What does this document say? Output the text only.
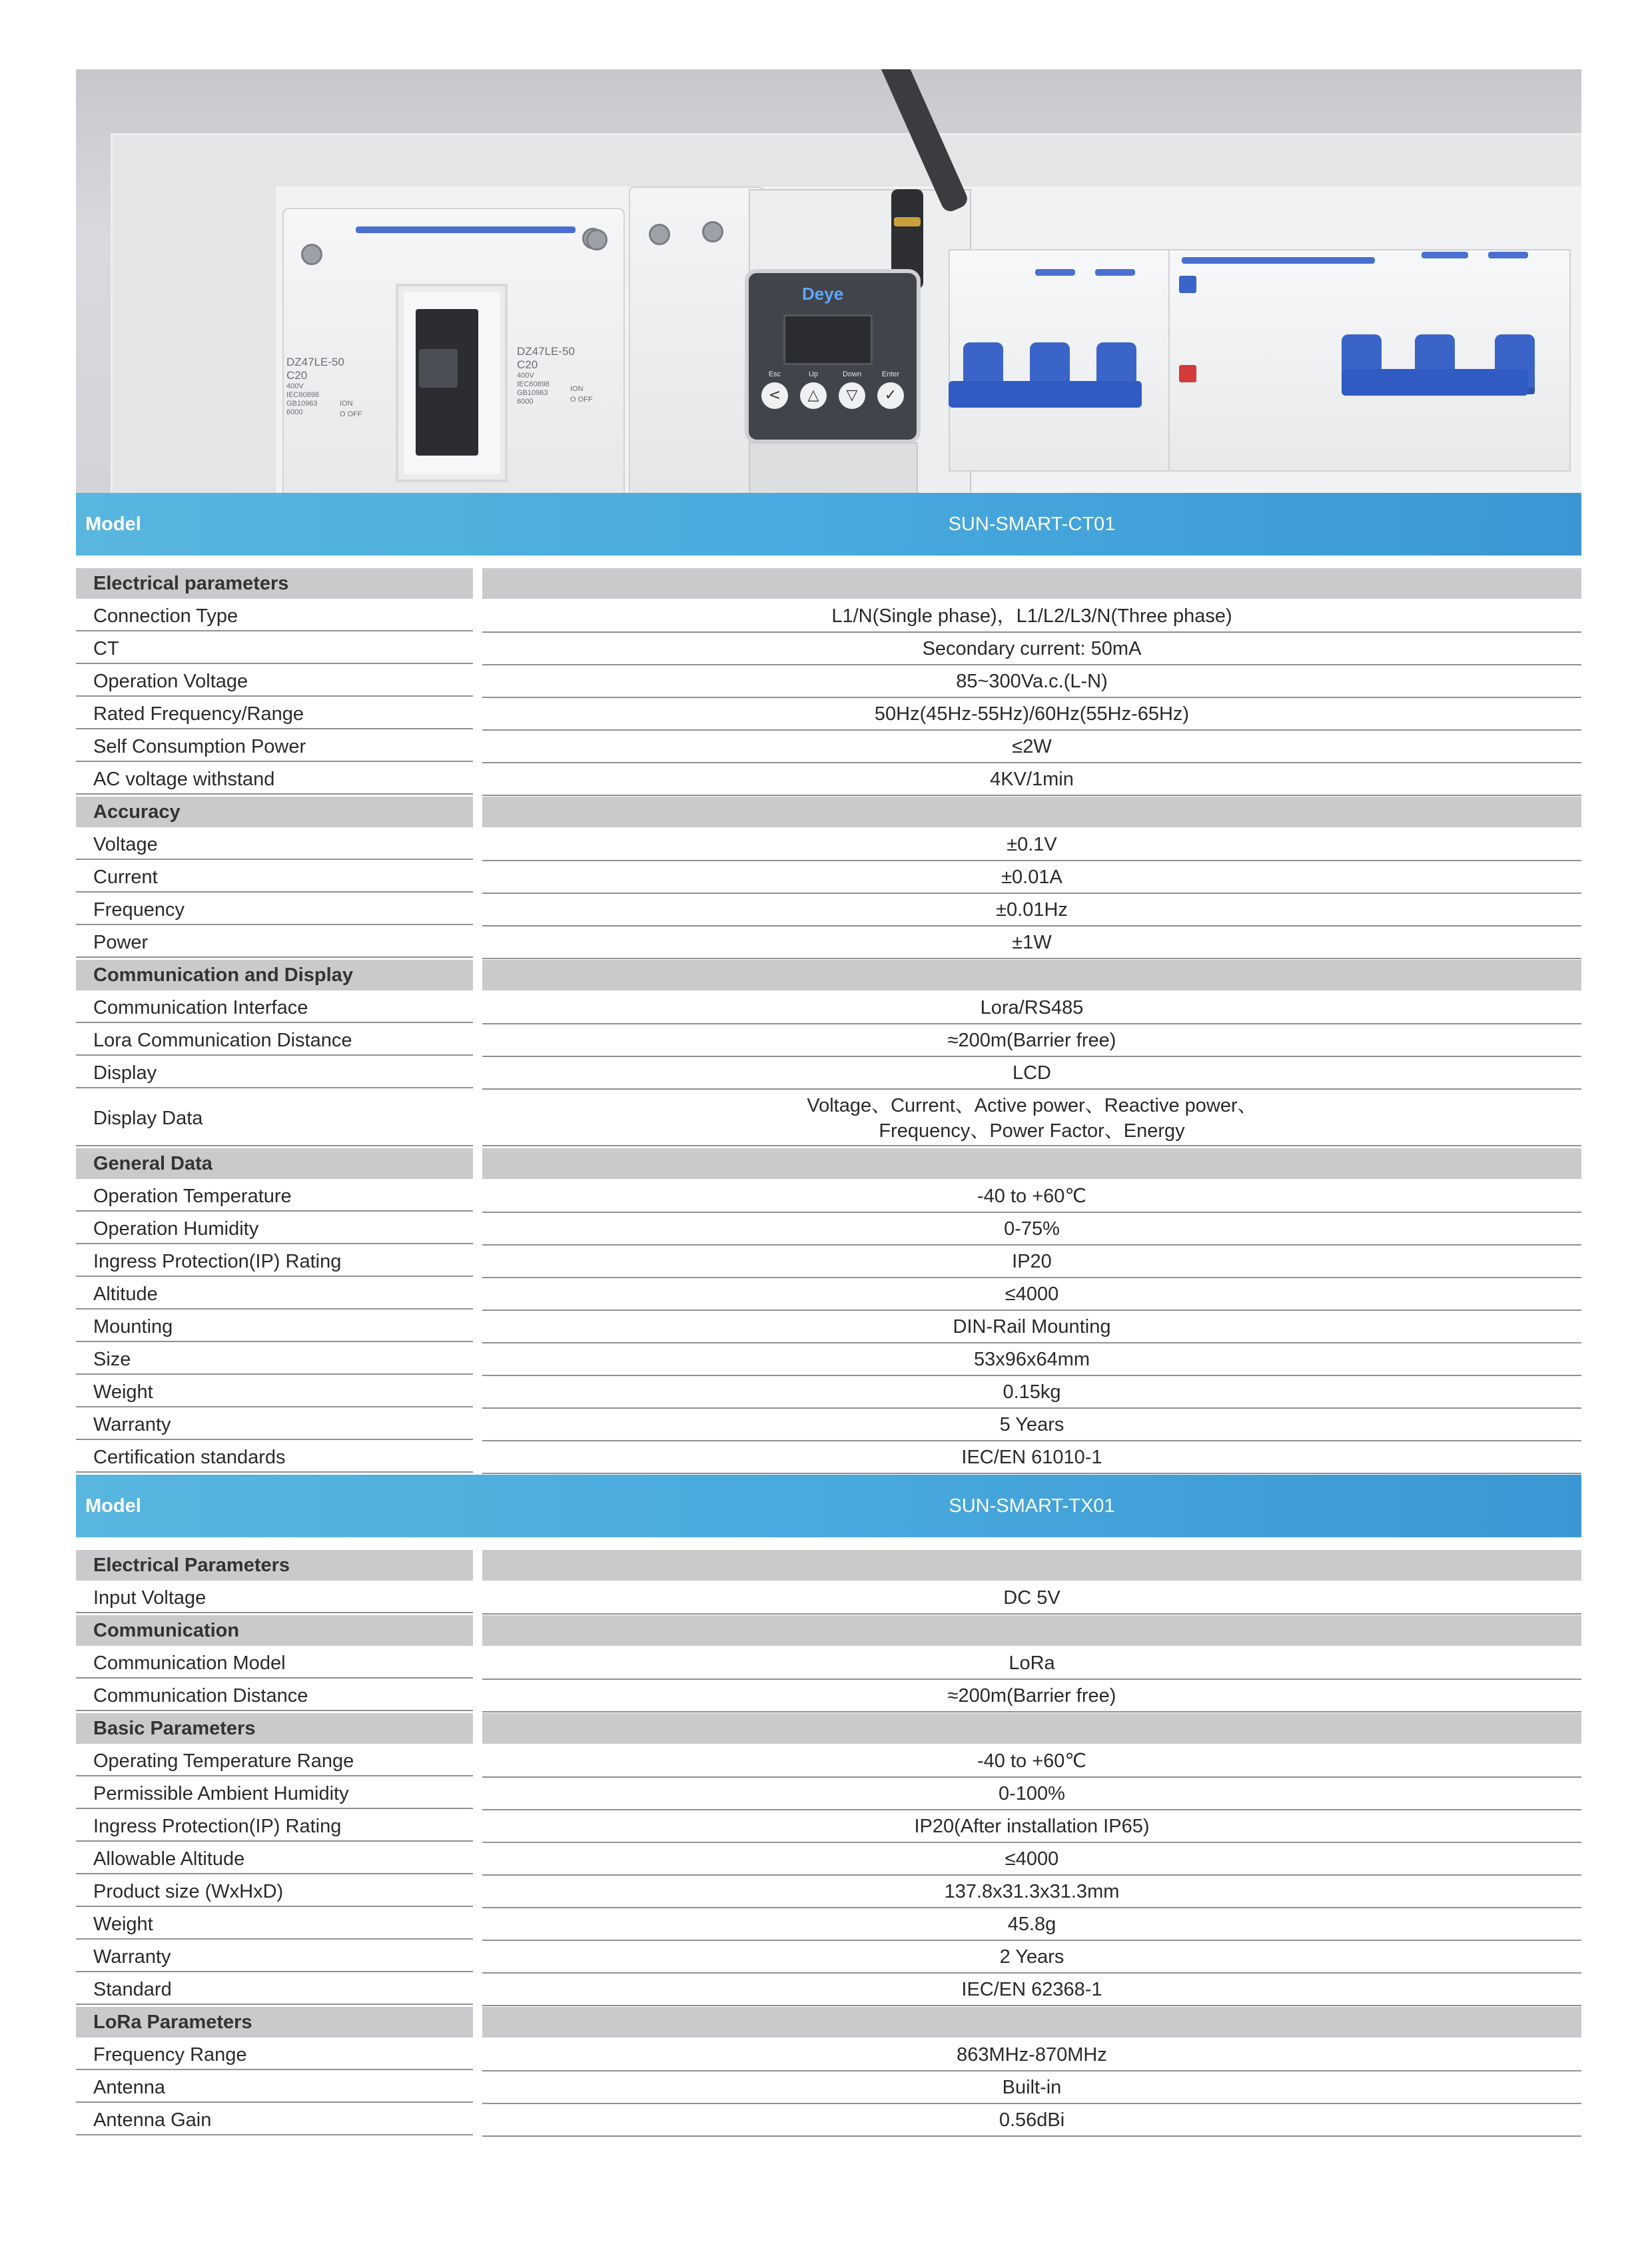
DZ47LE-50
C20
400V
IEC60898
GB10963
6000
ION
O OFF
DZ47LE-50
C20
400V
IEC60898
GB10963
6000
ION
O OFF
Deye
Esc	Up	Down	Enter
<	△	▽	✓
Model	SUN-SMART-CT01
Electrical parameters
Connection Type	L1/N(Single phase)，L1/L2/L3/N(Three phase)
CT	Secondary current: 50mA
Operation Voltage	85~300Va.c.(L-N)
Rated Frequency/Range	50Hz(45Hz-55Hz)/60Hz(55Hz-65Hz)
Self Consumption Power	≤2W
AC voltage withstand	4KV/1min
Accuracy
Voltage	±0.1V
Current	±0.01A
Frequency	±0.01Hz
Power	±1W
Communication and Display
Communication Interface	Lora/RS485
Lora Communication Distance	≈200m(Barrier free)
Display	LCD
Display Data
Voltage、Current、Active power、Reactive power、
Frequency、Power Factor、Energy
General Data
Operation Temperature	-40 to +60℃
Operation Humidity	0-75%
Ingress Protection(IP) Rating	IP20
Altitude	≤4000
Mounting	DIN-Rail Mounting
Size	53x96x64mm
Weight	0.15kg
Warranty	5 Years
Certification standards	IEC/EN 61010-1
Model	SUN-SMART-TX01
Electrical Parameters
Input Voltage	DC 5V
Communication
Communication Model	LoRa
Communication Distance	≈200m(Barrier free)
Basic Parameters
Operating Temperature Range	-40 to +60℃
Permissible Ambient Humidity	0-100%
Ingress Protection(IP) Rating	IP20(After installation IP65)
Allowable Altitude	≤4000
Product size (WxHxD)	137.8x31.3x31.3mm
Weight	45.8g
Warranty	2 Years
Standard	IEC/EN 62368-1
LoRa Parameters
Frequency Range	863MHz-870MHz
Antenna	Built-in
Antenna Gain	0.56dBi
